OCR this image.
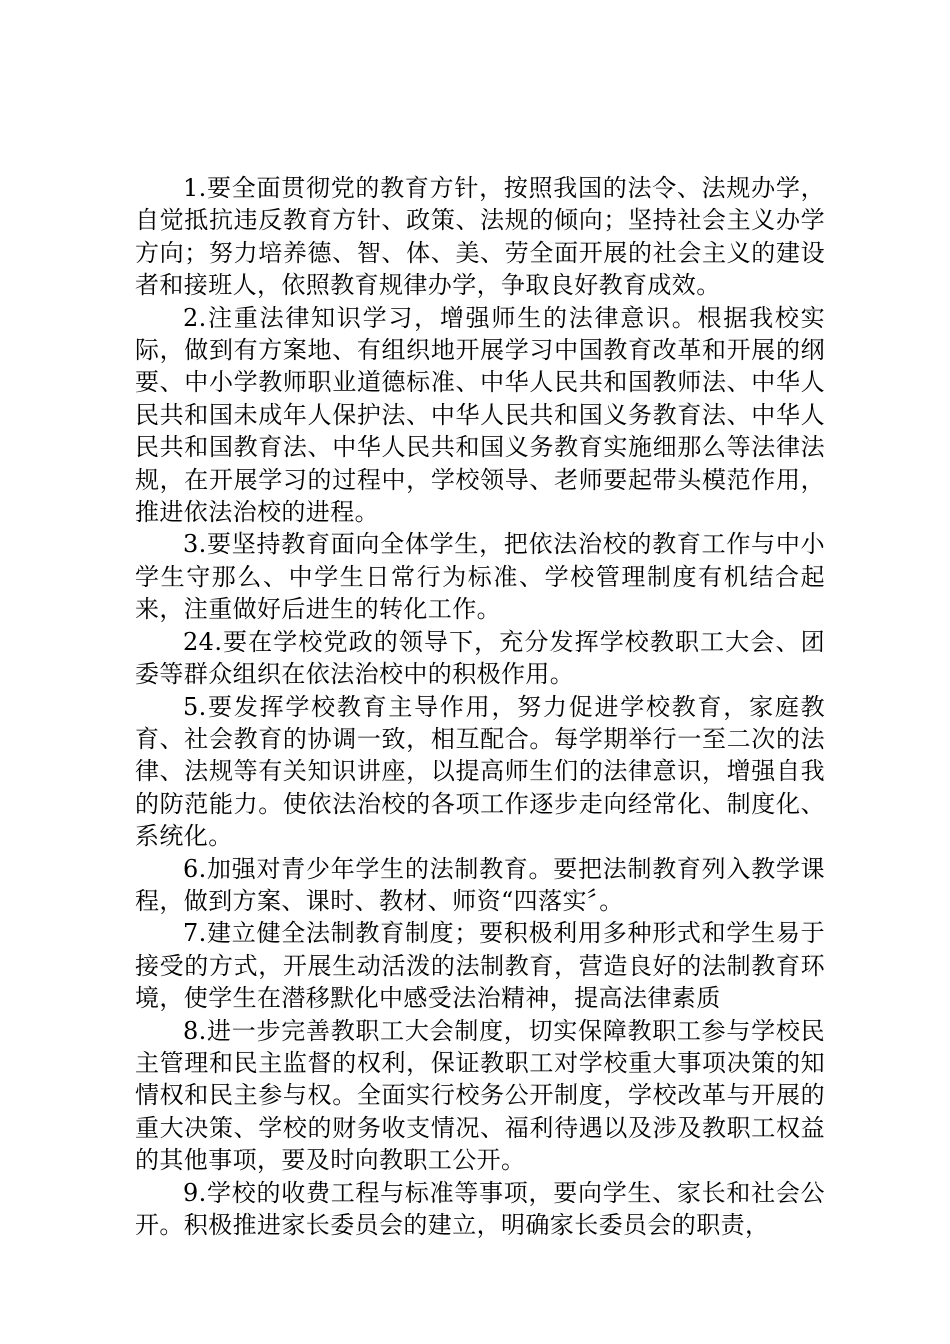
1.要全面贯彻党的教育方针，按照我国的法令、法规办学，自觉抵抗违反教育方针、政策、法规的倾向；坚持社会主义办学方向；努力培养德、智、体、美、劳全面开展的社会主义的建设者和接班人，依照教育规律办学，争取良好教育成效。

2.注重法律知识学习，增强师生的法律意识。根据我校实际，做到有方案地、有组织地开展学习中国教育改革和开展的纲要、中小学教师职业道德标准、中华人民共和国教师法、中华人民共和国未成年人保护法、中华人民共和国义务教育法、中华人民共和国教育法、中华人民共和国义务教育实施细那么等法律法规，在开展学习的过程中，学校领导、老师要起带头模范作用，推进依法治校的进程。

3.要坚持教育面向全体学生，把依法治校的教育工作与中小学生守那么、中学生日常行为标准、学校管理制度有机结合起来，注重做好后进生的转化工作。

24.要在学校党政的领导下，充分发挥学校教职工大会、团委等群众组织在依法治校中的积极作用。

5.要发挥学校教育主导作用，努力促进学校教育，家庭教育、社会教育的协调一致，相互配合。每学期举行一至二次的法律、法规等有关知识讲座，以提高师生们的法律意识，增强自我的防范能力。使依法治校的各项工作逐步走向经常化、制度化、系统化。

6.加强对青少年学生的法制教育。要把法制教育列入教学课程，做到方案、课时、教材、师资“四落实〞。

7.建立健全法制教育制度；要积极利用多种形式和学生易于接受的方式，开展生动活泼的法制教育，营造良好的法制教育环境，使学生在潜移默化中感受法治精神，提高法律素质

8.进一步完善教职工大会制度，切实保障教职工参与学校民主管理和民主监督的权利，保证教职工对学校重大事项决策的知情权和民主参与权。全面实行校务公开制度，学校改革与开展的重大决策、学校的财务收支情况、福利待遇以及涉及教职工权益的其他事项，要及时向教职工公开。

9.学校的收费工程与标准等事项，要向学生、家长和社会公开。积极推进家长委员会的建立，明确家长委员会的职责，
